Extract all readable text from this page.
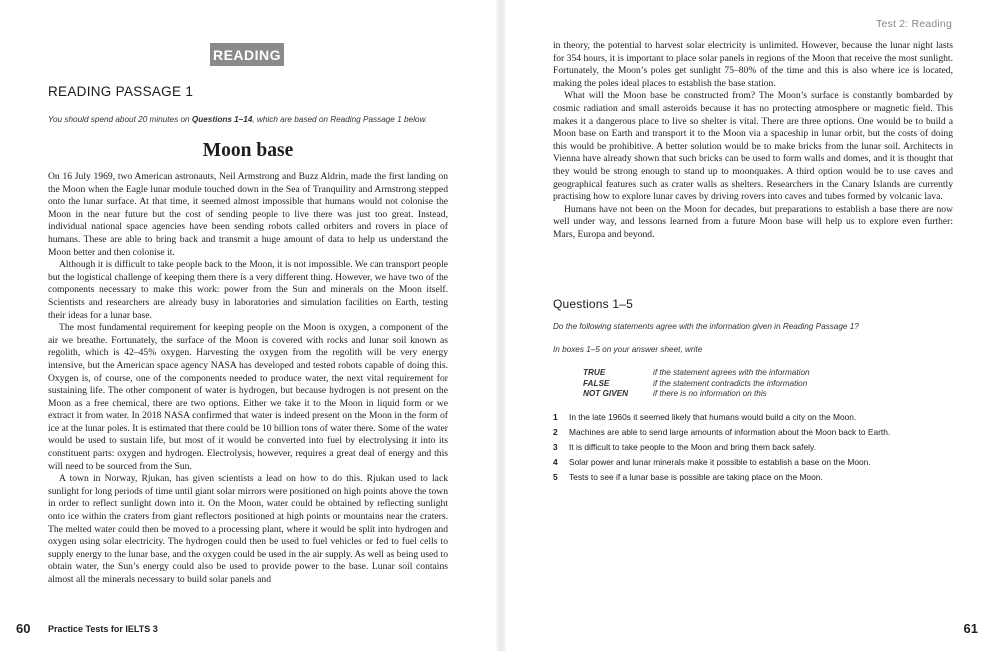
READING
READING PASSAGE 1
You should spend about 20 minutes on Questions 1–14, which are based on Reading Passage 1 below.
Moon base

On 16 July 1969, two American astronauts, Neil Armstrong and Buzz Aldrin, made the first landing on the Moon when the Eagle lunar module touched down in the Sea of Tranquility and Armstrong stepped onto the lunar surface. At that time, it seemed almost impossible that humans would not colonise the Moon in the near future but the cost of sending people to live there was just too great. Instead, individual national space agencies have been sending robots called orbiters and rovers in place of humans. These are able to bring back and transmit a huge amount of data to help us understand the Moon better and then colonise it.

Although it is difficult to take people back to the Moon, it is not impossible. We can transport people but the logistical challenge of keeping them there is a very different thing. However, we have two of the components necessary to make this work: power from the Sun and minerals on the Moon itself. Scientists and researchers are already busy in laboratories and simulation facilities on Earth, testing their ideas for a lunar base.

The most fundamental requirement for keeping people on the Moon is oxygen, a component of the air we breathe. Fortunately, the surface of the Moon is covered with rocks and lunar soil known as regolith, which is 42–45% oxygen. Harvesting the oxygen from the regolith will be very energy intensive, but the American space agency NASA has developed and tested robots capable of doing this. Oxygen is, of course, one of the components needed to produce water, the next vital requirement for sustaining life. The other component of water is hydrogen, but because hydrogen is not present on the Moon as a free chemical, there are two options. Either we take it to the Moon in liquid form or we extract it from water. In 2018 NASA confirmed that water is indeed present on the Moon in the form of ice at the lunar poles. It is estimated that there could be 10 billion tons of water there. Some of the water would be used to sustain life, but most of it would be converted into fuel by electrolysing it into its constituent parts: oxygen and hydrogen. Electrolysis, however, requires a great deal of energy and this will need to be sourced from the Sun.

A town in Norway, Rjukan, has given scientists a lead on how to do this. Rjukan used to lack sunlight for long periods of time until giant solar mirrors were positioned on high points above the town in order to reflect sunlight down into it. On the Moon, water could be obtained by reflecting sunlight onto ice within the craters from giant reflectors positioned at high points or mountains near the craters. The melted water could then be moved to a processing plant, where it would be split into hydrogen and oxygen using solar electricity. The hydrogen could then be used to fuel vehicles or fed to fuel cells to supply energy to the lunar base, and the oxygen could be used in the air supply. As well as being used to obtain water, the Sun’s energy could also be used to provide power to the base. Lunar soil contains almost all the minerals necessary to build solar panels and

Test 2: Reading

in theory, the potential to harvest solar electricity is unlimited. However, because the lunar night lasts for 354 hours, it is important to place solar panels in regions of the Moon that receive the most sunlight. Fortunately, the Moon’s poles get sunlight 75–80% of the time and this is also where ice is located, making the poles ideal places to establish the base station.

What will the Moon base be constructed from? The Moon’s surface is constantly bombarded by cosmic radiation and small asteroids because it has no protecting atmosphere or magnetic field. This makes it a dangerous place to live so shelter is vital. There are three options. One would be to build a Moon base on Earth and transport it to the Moon via a spaceship in lunar orbit, but the costs of doing this would be prohibitive. A better solution would be to make bricks from the lunar soil. Architects in Vienna have already shown that such bricks can be used to form walls and domes, and it is thought that they would be strong enough to stand up to moonquakes. A third option would be to use caves and geographical features such as crater walls as shelters. Researchers in the Canary Islands are currently practising how to explore lunar caves by driving rovers into caves and tubes formed by volcanic lava.

Humans have not been on the Moon for decades, but preparations to establish a base there are now well under way, and lessons learned from a future Moon base will help us to explore even further: Mars, Europa and beyond.

Questions 1–5
Do the following statements agree with the information given in Reading Passage 1?
In boxes 1–5 on your answer sheet, write
TRUE	if the statement agrees with the information
FALSE	if the statement contradicts the information
NOT GIVEN	if there is no information on this
1	In the late 1960s it seemed likely that humans would build a city on the Moon.
2	Machines are able to send large amounts of information about the Moon back to Earth.
3	It is difficult to take people to the Moon and bring them back safely.
4	Solar power and lunar minerals make it possible to establish a base on the Moon.
5	Tests to see if a lunar base is possible are taking place on the Moon.
60 Practice Tests for IELTS 3	61
